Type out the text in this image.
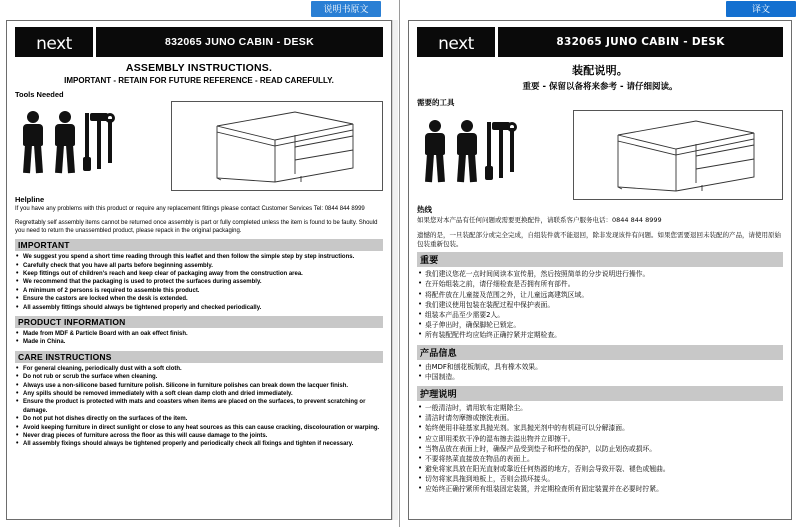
说明书原文
next	832065 JUNO CABIN - DESK
ASSEMBLY INSTRUCTIONS.
IMPORTANT - RETAIN FOR FUTURE REFERENCE - READ CAREFULLY.
Tools Needed
Helpline
If you have any problems with this product or require any replacement fittings please contact Customer Services Tel: 0844 844 8999
Regrettably self assembly items cannot be returned once assembly is part or fully completed unless the item is found to be faulty. Should you need to return the unassembled product, please repack in the original packaging.
IMPORTANT
• We suggest you spend a short time reading through this leaflet and then follow the simple step by step instructions.
• Carefully check that you have all parts before beginning assembly.
• Keep fittings out of children's reach and keep clear of packaging away from the construction area.
• We recommend that the packaging is used to protect the surfaces during assembly.
• A minimum of 2 persons is required to assemble this product.
• Ensure the castors are locked when the desk is extended.
• All assembly fittings should always be tightened properly and checked periodically.
PRODUCT INFORMATION
• Made from MDF & Particle Board with an oak effect finish.
• Made in China.
CARE INSTRUCTIONS
• For general cleaning, periodically dust with a soft cloth.
• Do not rub or scrub the surface when cleaning.
• Always use a non-silicone based furniture polish. Silicone in furniture polishes can break down the lacquer finish.
• Any spills should be removed immediately with a soft clean damp cloth and dried immediately.
• Ensure the product is protected with mats and coasters when items are placed on the surfaces, to prevent scratching or damage.
• Do not put hot dishes directly on the surfaces of the item.
• Avoid keeping furniture in direct sunlight or close to any heat sources as this can cause cracking, discolouration or warping.
• Never drag pieces of furniture across the floor as this will cause damage to the joints.
• All assembly fixings should always be tightened properly and periodically check all fixings and tighten if necessary.
译文
next	832065 JUNO CABIN - DESK
装配说明。
重要 - 保留以备将来参考 - 请仔细阅读。
需要的工具
热线
如果您对本产品有任何问题或需要更换配件，请联系客户服务电话：0844 844 8999
遗憾的是，一旦装配部分或完全完成，自组装件就不能退回，除非发现该件有问题。如果您需要退回未装配的产品，请使用原始包装重新包装。
重要
• 我们建议您花一点时间阅读本宣传册，然后按照简单的分步说明进行操作。
• 在开始组装之前，请仔细检查是否拥有所有部件。
• 将配件放在儿童接及范围之外，让儿童远离建筑区域。
• 我们建议使用包装在装配过程中保护表面。
• 组装本产品至少需要2人。
• 桌子伸出时，确保脚轮已锁定。
• 所有装配配件均应始终正确拧紧并定期检查。
产品信息
• 由MDF和刨花板制成，具有橡木效果。
• 中国制造。
护理说明
• 一般清洁时，请用软布定期除尘。
• 清洁时请勿摩擦或擦洗表面。
• 始终使用非硅基家具抛光剂。家具抛光剂中的有机硅可以分解漆面。
• 应立即用柔软干净的湿布擦去溢出物并立即擦干。
• 当物品放在表面上时，确保产品受到垫子和杯垫的保护，以防止划伤或损坏。
• 不要将热菜直接放在物品的表面上。
• 避免将家具放在阳光直射或靠近任何热源的地方，否则会导致开裂、褪色或翘曲。
• 切勿将家具拖到地板上，否则会损坏接头。
• 应始终正确拧紧所有组装固定装置，并定期检查所有固定装置并在必要时拧紧。
